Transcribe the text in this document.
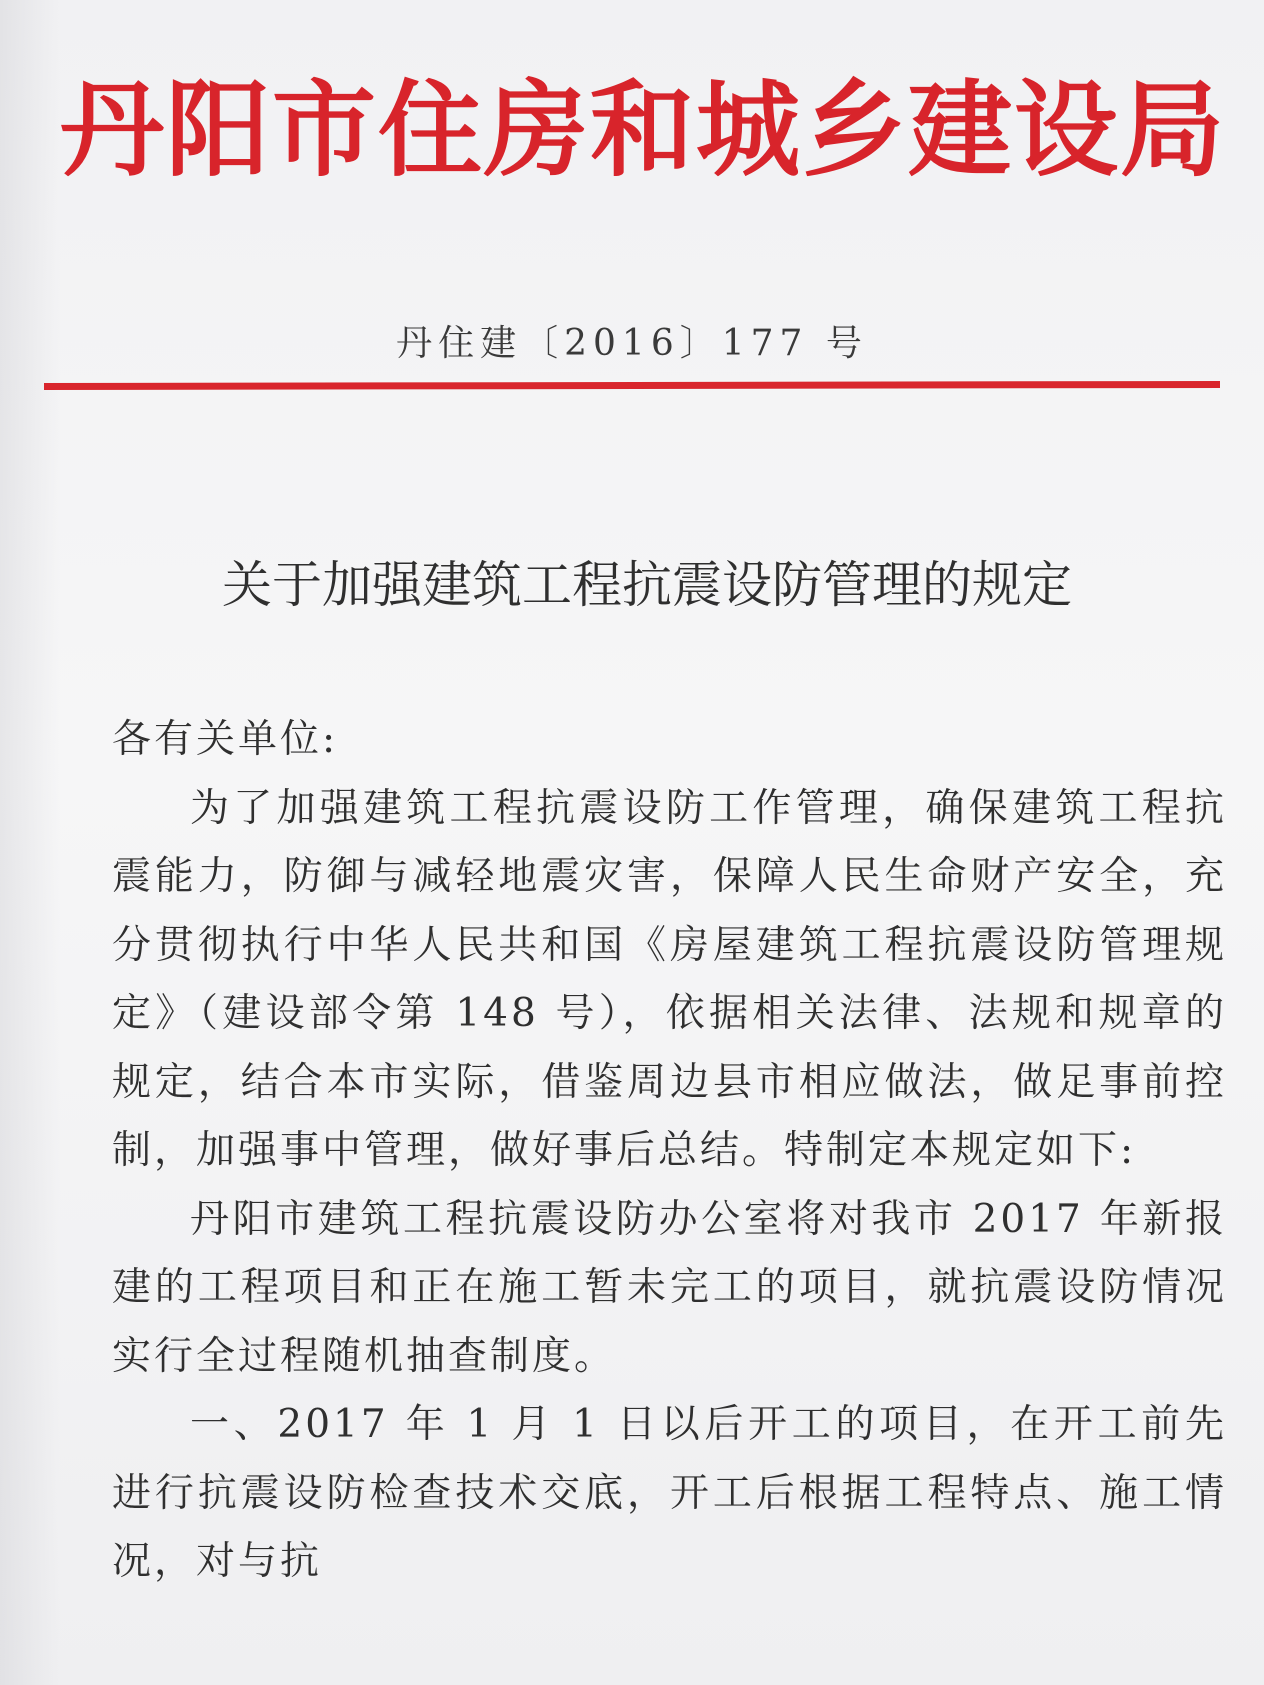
丹阳市住房和城乡建设局
丹住建〔2016〕177 号
关于加强建筑工程抗震设防管理的规定

各有关单位:

为了加强建筑工程抗震设防工作管理，确保建筑工程抗震能力，防御与减轻地震灾害，保障人民生命财产安全，充分贯彻执行中华人民共和国《房屋建筑工程抗震设防管理规定》（建设部令第 148 号），依据相关法律、法规和规章的规定，结合本市实际，借鉴周边县市相应做法，做足事前控制，加强事中管理，做好事后总结。特制定本规定如下:

丹阳市建筑工程抗震设防办公室将对我市 2017 年新报建的工程项目和正在施工暂未完工的项目，就抗震设防情况实行全过程随机抽查制度。

一、2017 年 1 月 1 日以后开工的项目，在开工前先进行抗震设防检查技术交底，开工后根据工程特点、施工情况，对与抗
